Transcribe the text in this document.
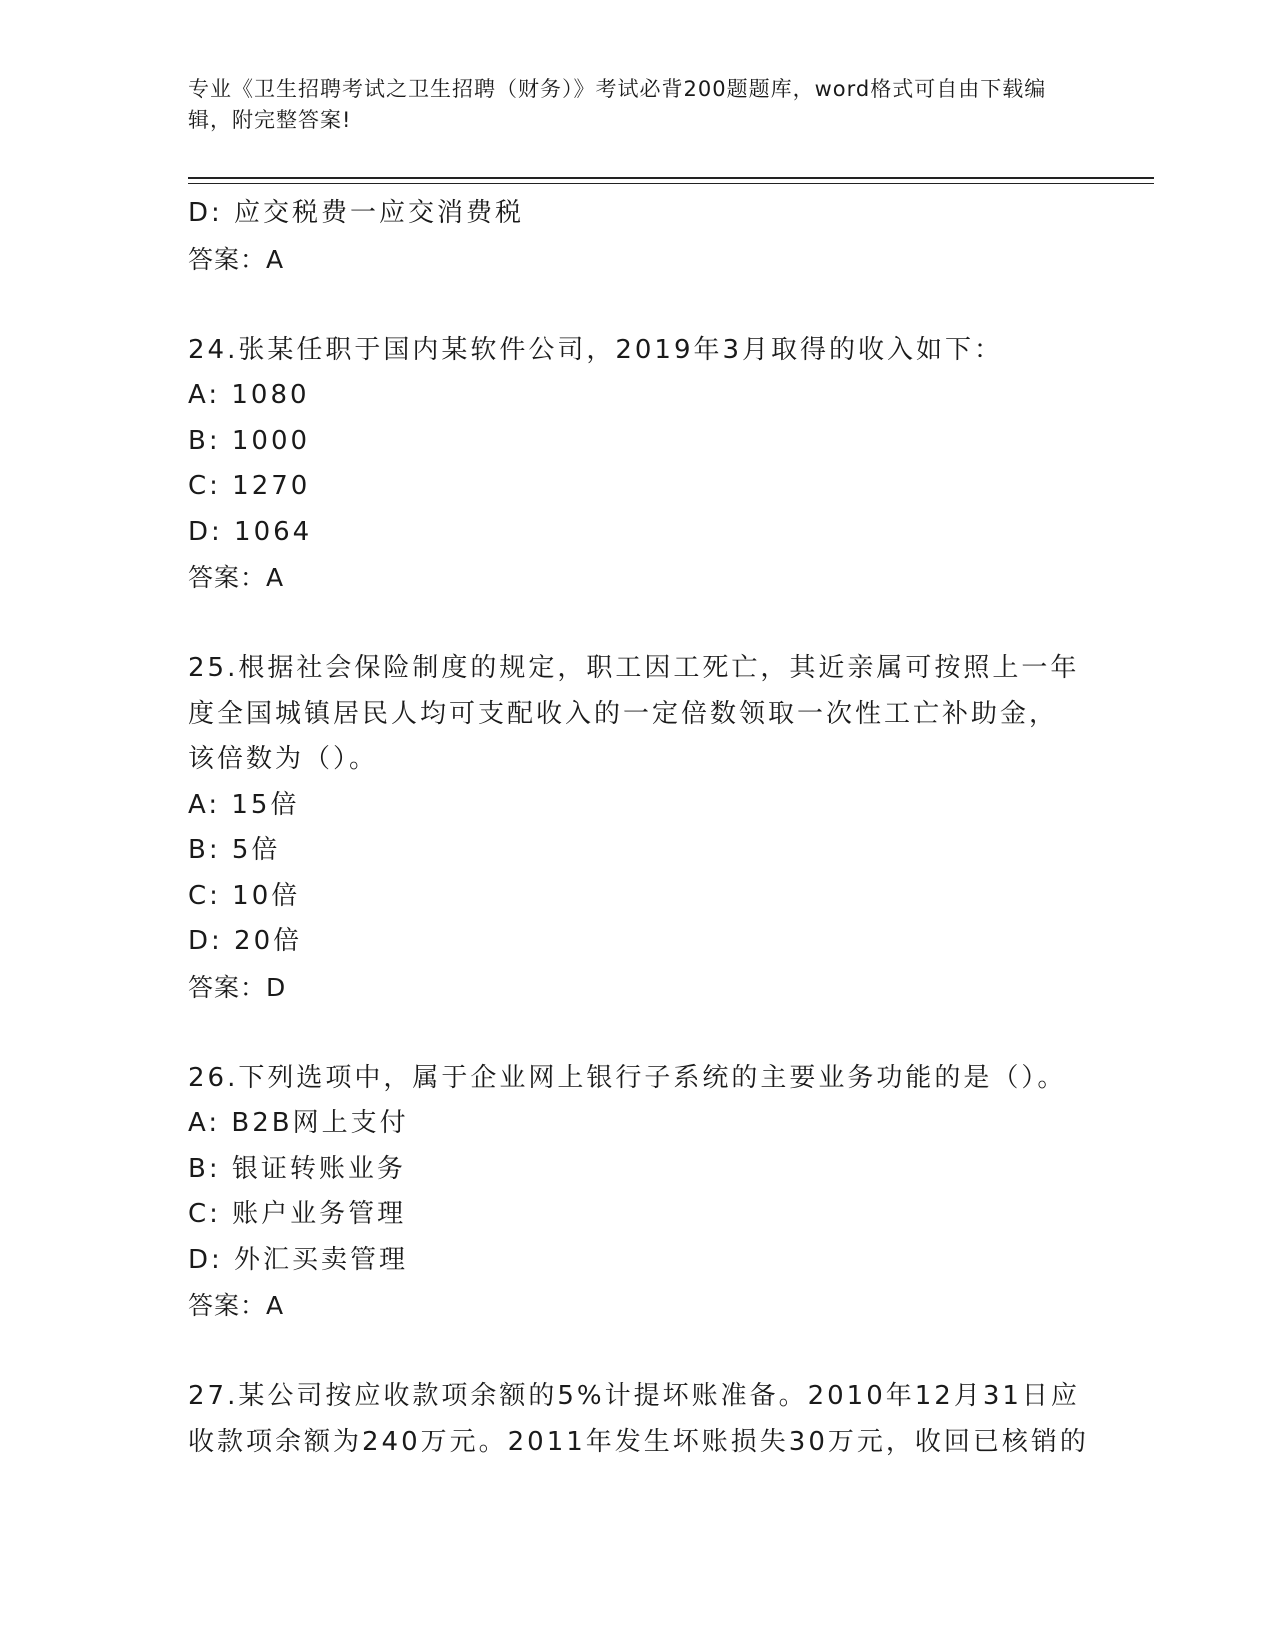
专业《卫生招聘考试之卫生招聘（财务）》考试必背200题题库，word格式可自由下载编辑，附完整答案!
D: 应交税费一应交消费税
答案：A
24.张某任职于国内某软件公司，2019年3月取得的收入如下：
A: 1080
B: 1000
C: 1270
D: 1064
答案：A
25.根据社会保险制度的规定，职工因工死亡，其近亲属可按照上一年
度全国城镇居民人均可支配收入的一定倍数领取一次性工亡补助金，
该倍数为（）。
A: 15倍
B: 5倍
C: 10倍
D: 20倍
答案：D
26.下列选项中，属于企业网上银行子系统的主要业务功能的是（）。
A: B2B网上支付
B: 银证转账业务
C: 账户业务管理
D: 外汇买卖管理
答案：A
27.某公司按应收款项余额的5%计提坏账准备。2010年12月31日应
收款项余额为240万元。2011年发生坏账损失30万元，收回已核销的
